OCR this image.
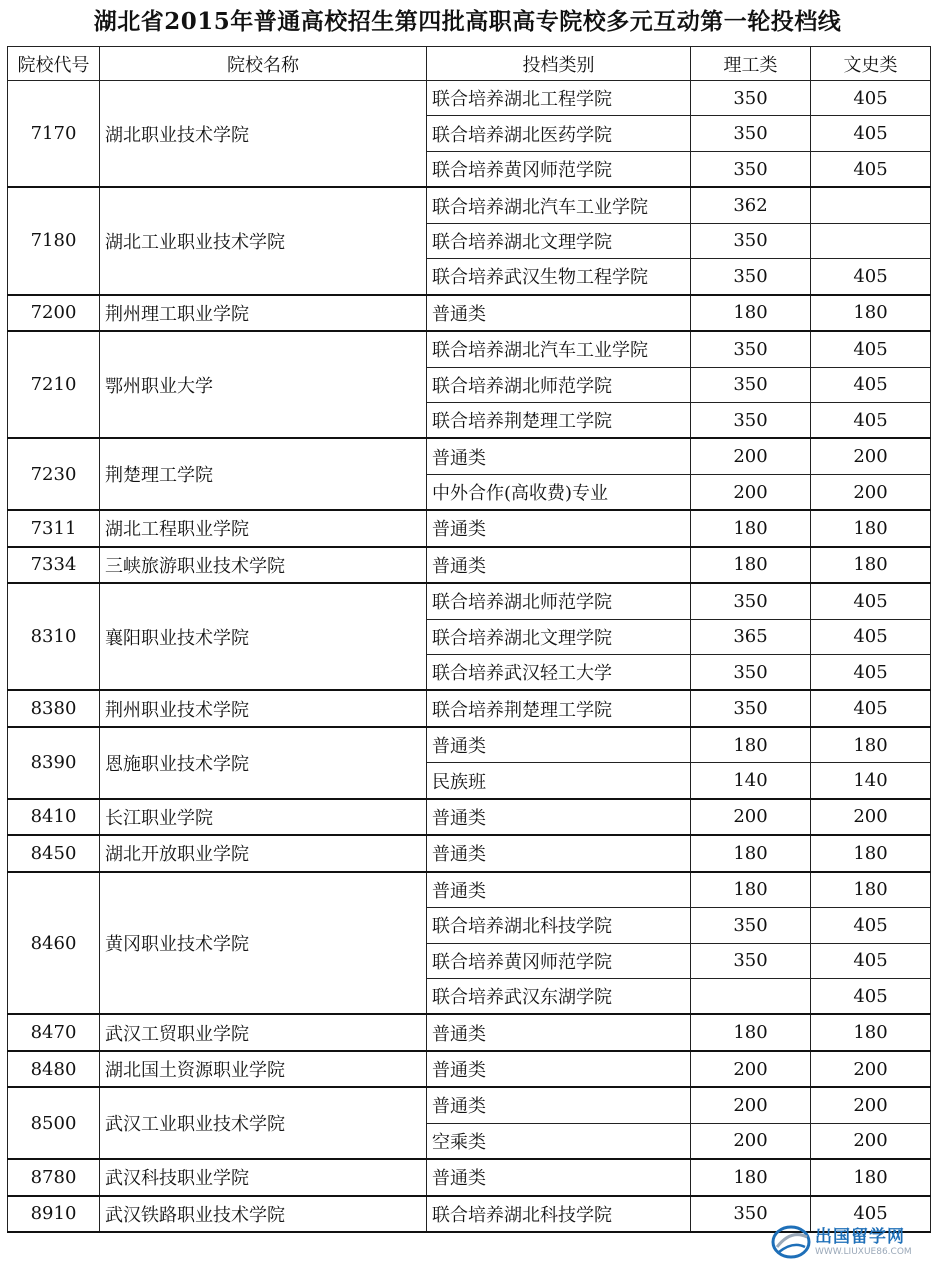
湖北省2015年普通高校招生第四批高职高专院校多元互动第一轮投档线
院校代号	院校名称	投档类别	理工类	文史类
7170	湖北职业技术学院	联合培养湖北工程学院	350	405
		联合培养湖北医药学院	350	405
		联合培养黄冈师范学院	350	405
7180	湖北工业职业技术学院	联合培养湖北汽车工业学院	362	
		联合培养湖北文理学院	350	
		联合培养武汉生物工程学院	350	405
7200	荆州理工职业学院	普通类	180	180
7210	鄂州职业大学	联合培养湖北汽车工业学院	350	405
		联合培养湖北师范学院	350	405
		联合培养荆楚理工学院	350	405
7230	荆楚理工学院	普通类	200	200
		中外合作(高收费)专业	200	200
7311	湖北工程职业学院	普通类	180	180
7334	三峡旅游职业技术学院	普通类	180	180
8310	襄阳职业技术学院	联合培养湖北师范学院	350	405
		联合培养湖北文理学院	365	405
		联合培养武汉轻工大学	350	405
8380	荆州职业技术学院	联合培养荆楚理工学院	350	405
8390	恩施职业技术学院	普通类	180	180
		民族班	140	140
8410	长江职业学院	普通类	200	200
8450	湖北开放职业学院	普通类	180	180
8460	黄冈职业技术学院	普通类	180	180
		联合培养湖北科技学院	350	405
		联合培养黄冈师范学院	350	405
		联合培养武汉东湖学院		405
8470	武汉工贸职业学院	普通类	180	180
8480	湖北国土资源职业学院	普通类	200	200
8500	武汉工业职业技术学院	普通类	200	200
		空乘类	200	200
8780	武汉科技职业学院	普通类	180	180
8910	武汉铁路职业技术学院	联合培养湖北科技学院	350	405
出国留学网
WWW.LIUXUE86.COM
